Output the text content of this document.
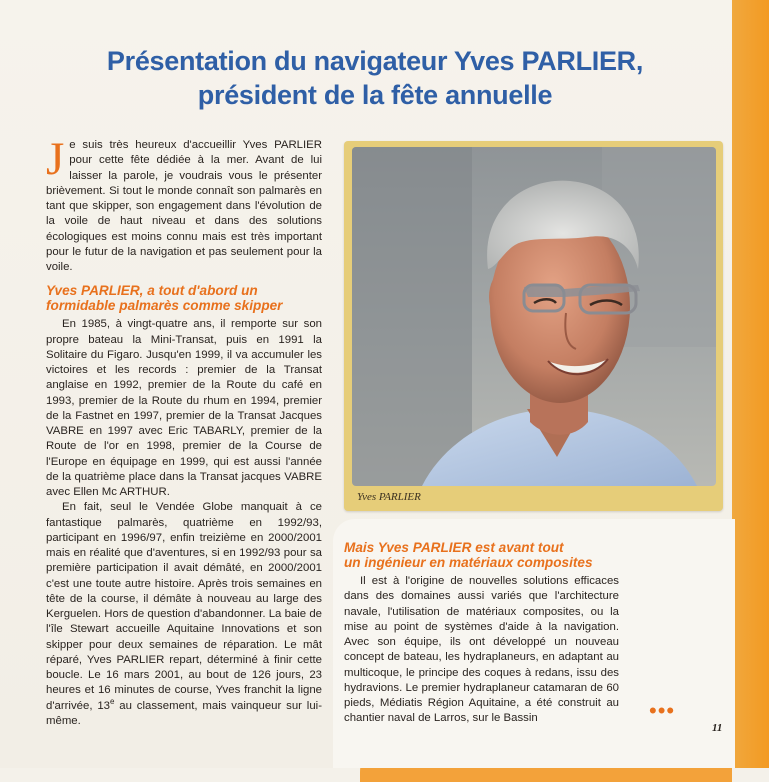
Présentation du navigateur Yves PARLIER,
président de la fête annuelle

Je suis très heureux d'accueillir Yves PARLIER pour cette fête dédiée à la mer. Avant de lui laisser la parole, je voudrais vous le présenter brièvement. Si tout le monde connaît son palmarès en tant que skipper, son engagement dans l'évolution de la voile de haut niveau et dans des solutions écologiques est moins connu mais est très important pour le futur de la navigation et pas seulement pour la voile.

Yves PARLIER, a tout d'abord un
formidable palmarès comme skipper

En 1985, à vingt-quatre ans, il remporte sur son propre bateau la Mini-Transat, puis en 1991 la Solitaire du Figaro. Jusqu'en 1999, il va accumuler les victoires et les records : premier de la Transat anglaise en 1992, premier de la Route du café en 1993, premier de la Route du rhum en 1994, premier de la Fastnet en 1997, premier de la Transat Jacques VABRE en 1997 avec Eric TABARLY, premier de la Route de l'or en 1998, premier de la Course de l'Europe en équipage en 1999, qui est aussi l'année de la quatrième place dans la Transat jacques VABRE avec Ellen Mc ARTHUR.

En fait, seul le Vendée Globe manquait à ce fantastique palmarès, quatrième en 1992/93, participant en 1996/97, enfin treizième en 2000/2001 mais en réalité que d'aventures, si en 1992/93 pour sa première participation il avait démâté, en 2000/2001 c'est une toute autre histoire. Après trois semaines en tête de la course, il démâte à nouveau au large des Kerguelen. Hors de question d'abandonner. La baie de l'île Stewart accueille Aquitaine Innovations et son skipper pour deux semaines de réparation. Le mât réparé, Yves PARLIER repart, déterminé à finir cette boucle. Le 16 mars 2001, au bout de 126 jours, 23 heures et 16 minutes de course, Yves franchit la ligne d'arrivée, 13e au classement, mais vainqueur sur lui-même.

Yves PARLIER

Mais Yves PARLIER est avant tout
un ingénieur en matériaux composites

Il est à l'origine de nouvelles solutions efficaces dans des domaines aussi variés que l'architecture navale, l'utilisation de matériaux composites, ou la mise au point de systèmes d'aide à la navigation. Avec son équipe, ils ont développé un nouveau concept de bateau, les hydraplaneurs, en adaptant au multicoque, le principe des coques à redans, issu des hydravions. Le premier hydraplaneur catamaran de 60 pieds, Médiatis Région Aquitaine, a été construit au chantier naval de Larros, sur le Bassin	•••
11
